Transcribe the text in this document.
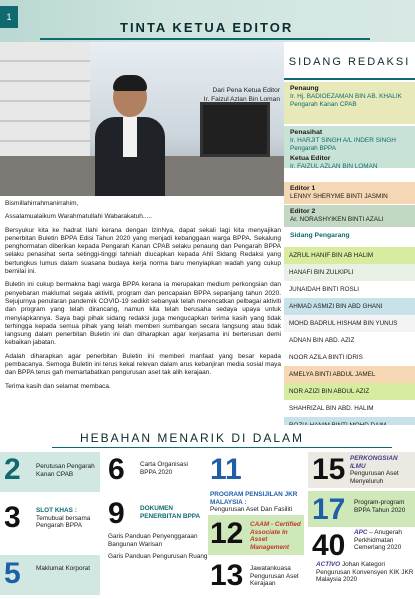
1
TINTA KETUA EDITOR
Dari Pena Ketua Editor
Ir. Faizul Azlan Bin Loman
SIDANG REDAKSI
Penaung
Ir. Hj. BADIOEZAMAN BIN AB. KHALIK
Pengarah Kanan CPAB
Penasihat
Ir. HARJIT SINGH A/L INDER SINGH
Pengarah BPPA
Ketua Editor
Ir. FAIZUL AZLAN BIN LOMAN
Editor 1
LENNY SHERYME BINTI JASMIN
Editor 2
Ar. NORASHYIKEN BINTI AZALI
Sidang Pengarang
AZRUL HANIF BIN AB HALIM
HANAFI BIN ZULKIPLI
JUNAIDAH BINTI ROSLI
AHMAD ASMIZI BIN ABD GHANI
MOHD BADRUL HISHAM BIN YUNUS
ADNAN BIN ABD. AZIZ
NOOR AZILA BINTI IDRIS
AMELYA BINTI ABDUL JAMEL
NOR AZIZI BIN ABDUL AZIZ
SHAHRIZAL BIN ABD. HALIM

Bismillahirrahmanirrahim,

Assalamualaikum Warahmatullahi Wabarakatuh.....

Bersyukur kita ke hadrat Ilahi kerana dengan IzinNya, dapat sekali lagi kita menyajikan penerbitan Buletin BPPA Edisi Tahun 2020 yang menjadi kebanggaan warga BPPA. Sekalung penghormatan diberikan kepada Pengarah Kanan CPAB selaku penaung dan Pengarah BPPA selaku penasihat serta setinggi-tinggi tahniah diucapkan kepada Ahli Sidang Redaksi yang bertungkus lumus dalam suasana budaya kerja norma baru menyiapkan wadah yang cukup bernilai ini.

Buletin ini cukup bermakna bagi warga BPPA kerana ia merupakan medium perkongsian dan penyebaran maklumat segala aktiviti, program dan pencapaian BPPA sepanjang tahun 2020. Sejujurnya penularan pandemik COVID-19 sedikit sebanyak telah merencatkan pelbagai aktiviti dan program yang telah dirancang, namun kita telah berusaha sedaya upaya untuk menyiapkannya. Saya bagi pihak sidang redaksi juga mengucapkan terima kasih yang tidak terhingga kepada semua pihak yang telah memberi sumbangan secara langsung atau tidak langsung dalam penerbitan Buletin ini dan diharapkan agar kerjasama ini berterusan demi kebaikan jabatan.

Adalah diharapkan agar penerbitan Buletin ini memberi manfaat yang besar kepada pembacanya. Semoga Buletin ini terus kekal relevan dalam arus kebanjiran media sosial maya dan BPPA terus gah memartabatkan pengurusan aset tak alih kerajaan.

Terima kasih dan selamat membaca.

HEBAHAN MENARIK DI DALAM
2 Perutusan Pengarah Kanan CPAB
3 SLOT KHAS :
Temubual bersama Pengarah BPPA
5 Maklumat Korporat
6 Carta Organisasi BPPA 2020
9 DOKUMEN PENERBITAN BPPA
Garis Panduan Penyenggaraan Bangunan Warisan
Garis Panduan Pengurusan Ruang
11
PROGRAM PENSIJILAN JKR MALAYSIA :
Pengurusan Aset Dan Fasiliti
12 CAAM - Certified Associate In Asset Management
13 Jawatankuasa Pengurusan Aset Kerajaan
15 PERKONGSIAN ILMU
Pengurusan Aset Menyeluruh
17 Program-program BPPA Tahun 2020
40 APC – Anugerah Perkhidmatan Cemerlang 2020
ACTIVO Johan Kategori Pengurusan Konvensyen KIK JKR Malaysia 2020
